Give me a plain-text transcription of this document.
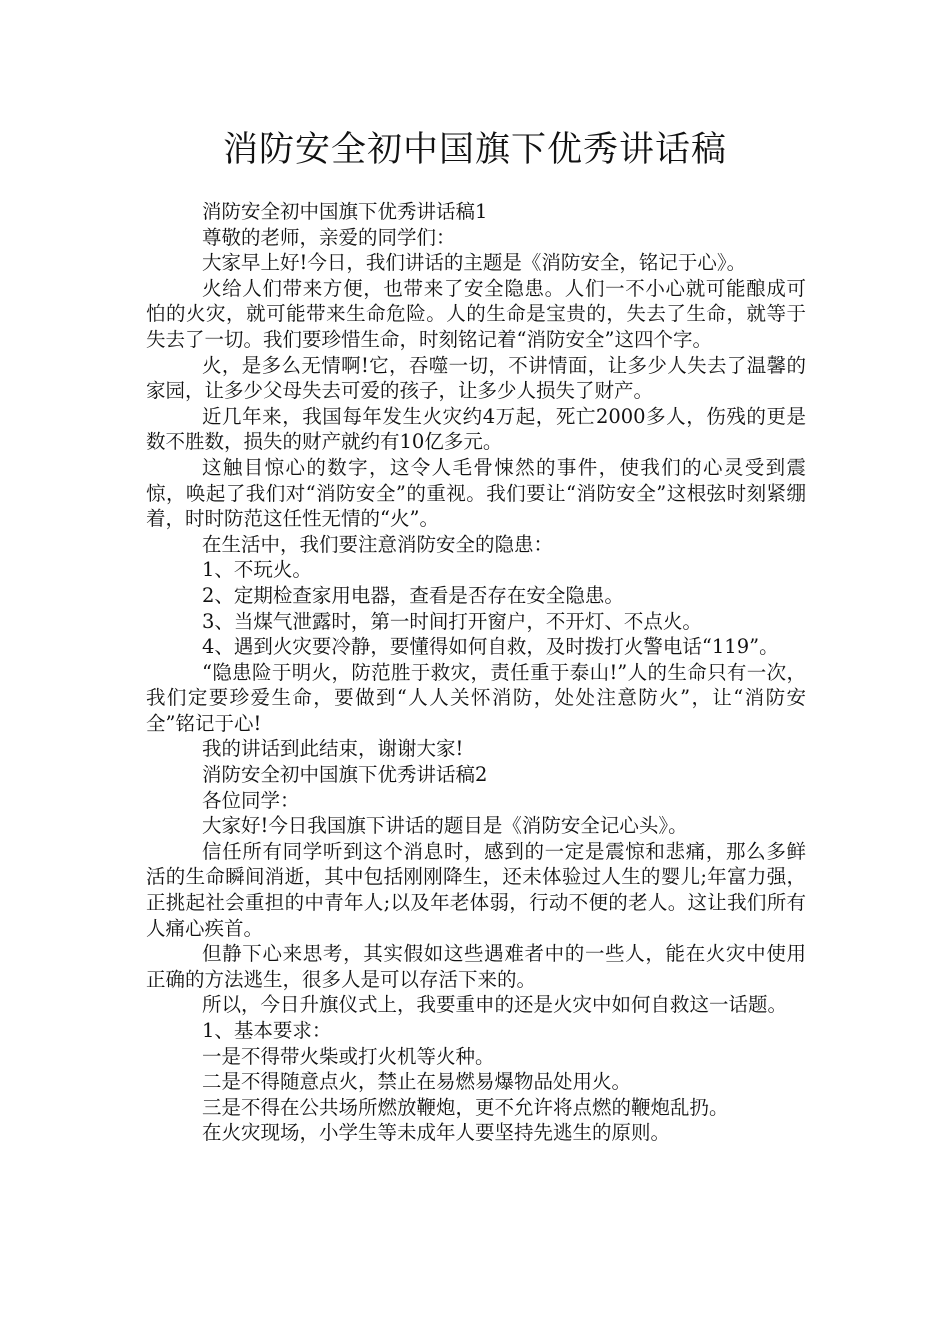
消防安全初中国旗下优秀讲话稿

消防安全初中国旗下优秀讲话稿1

尊敬的老师，亲爱的同学们：

大家早上好!今日，我们讲话的主题是《消防安全，铭记于心》。

火给人们带来方便，也带来了安全隐患。人们一不小心就可能酿成可怕的火灾，就可能带来生命危险。人的生命是宝贵的，失去了生命，就等于失去了一切。我们要珍惜生命，时刻铭记着“消防安全”这四个字。

火，是多么无情啊!它，吞噬一切，不讲情面，让多少人失去了温馨的家园，让多少父母失去可爱的孩子，让多少人损失了财产。

近几年来，我国每年发生火灾约4万起，死亡2000多人，伤残的更是数不胜数，损失的财产就约有10亿多元。

这触目惊心的数字，这令人毛骨悚然的事件，使我们的心灵受到震惊，唤起了我们对“消防安全”的重视。我们要让“消防安全”这根弦时刻紧绷着，时时防范这任性无情的“火”。

在生活中，我们要注意消防安全的隐患：

1、不玩火。

2、定期检查家用电器，查看是否存在安全隐患。

3、当煤气泄露时，第一时间打开窗户，不开灯、不点火。

4、遇到火灾要冷静，要懂得如何自救，及时拨打火警电话“119”。

“隐患险于明火，防范胜于救灾，责任重于泰山!”人的生命只有一次，我们定要珍爱生命，要做到“人人关怀消防，处处注意防火”，让“消防安全”铭记于心!

我的讲话到此结束，谢谢大家!

消防安全初中国旗下优秀讲话稿2

各位同学：

大家好!今日我国旗下讲话的题目是《消防安全记心头》。

信任所有同学听到这个消息时，感到的一定是震惊和悲痛，那么多鲜活的生命瞬间消逝，其中包括刚刚降生，还未体验过人生的婴儿;年富力强，正挑起社会重担的中青年人;以及年老体弱，行动不便的老人。这让我们所有人痛心疾首。

但静下心来思考，其实假如这些遇难者中的一些人，能在火灾中使用正确的方法逃生，很多人是可以存活下来的。

所以，今日升旗仪式上，我要重申的还是火灾中如何自救这一话题。

1、基本要求：

一是不得带火柴或打火机等火种。

二是不得随意点火，禁止在易燃易爆物品处用火。

三是不得在公共场所燃放鞭炮，更不允许将点燃的鞭炮乱扔。

在火灾现场，小学生等未成年人要坚持先逃生的原则。
